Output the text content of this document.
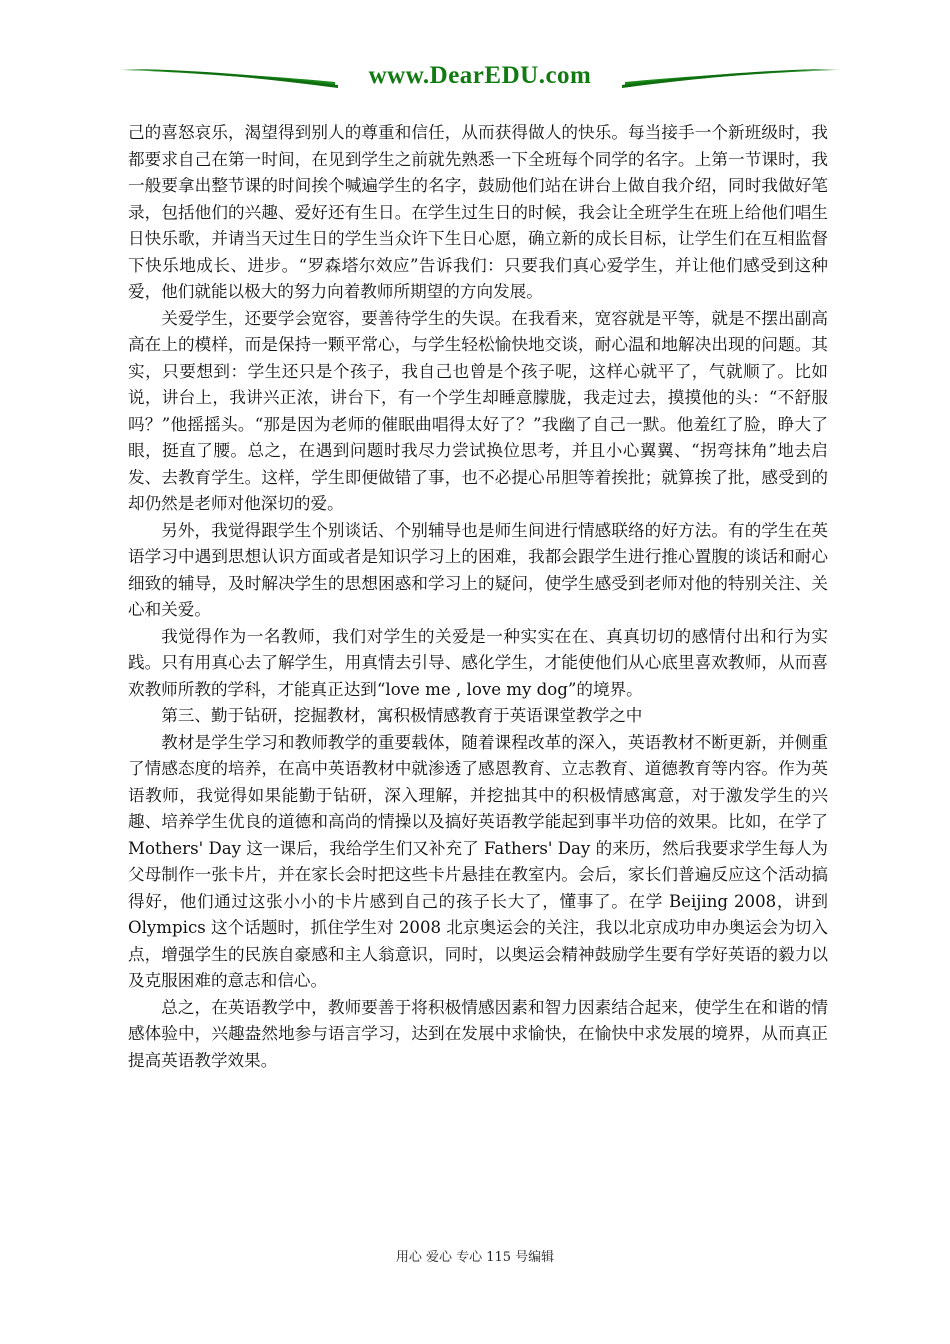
www.DearEDU.com

己的喜怒哀乐，渴望得到别人的尊重和信任，从而获得做人的快乐。每当接手一个新班级时，我都要求自己在第一时间，在见到学生之前就先熟悉一下全班每个同学的名字。上第一节课时，我一般要拿出整节课的时间挨个喊遍学生的名字，鼓励他们站在讲台上做自我介绍，同时我做好笔录，包括他们的兴趣、爱好还有生日。在学生过生日的时候，我会让全班学生在班上给他们唱生日快乐歌，并请当天过生日的学生当众许下生日心愿，确立新的成长目标，让学生们在互相监督下快乐地成长、进步。“罗森塔尔效应”告诉我们：只要我们真心爱学生，并让他们感受到这种爱，他们就能以极大的努力向着教师所期望的方向发展。

关爱学生，还要学会宽容，要善待学生的失误。在我看来，宽容就是平等，就是不摆出副高高在上的模样，而是保持一颗平常心，与学生轻松愉快地交谈，耐心温和地解决出现的问题。其实，只要想到：学生还只是个孩子，我自己也曾是个孩子呢，这样心就平了，气就顺了。比如说，讲台上，我讲兴正浓，讲台下，有一个学生却睡意朦胧，我走过去，摸摸他的头：“不舒服吗？”他摇摇头。“那是因为老师的催眠曲唱得太好了？”我幽了自己一默。他羞红了脸，睁大了眼，挺直了腰。总之，在遇到问题时我尽力尝试换位思考，并且小心翼翼、“拐弯抹角”地去启发、去教育学生。这样，学生即便做错了事，也不必提心吊胆等着挨批；就算挨了批，感受到的却仍然是老师对他深切的爱。

另外，我觉得跟学生个别谈话、个别辅导也是师生间进行情感联络的好方法。有的学生在英语学习中遇到思想认识方面或者是知识学习上的困难，我都会跟学生进行推心置腹的谈话和耐心细致的辅导，及时解决学生的思想困惑和学习上的疑问，使学生感受到老师对他的特别关注、关心和关爱。

我觉得作为一名教师，我们对学生的关爱是一种实实在在、真真切切的感情付出和行为实践。只有用真心去了解学生，用真情去引导、感化学生，才能使他们从心底里喜欢教师，从而喜欢教师所教的学科，才能真正达到“love me , love my dog”的境界。

第三、勤于钻研，挖掘教材，寓积极情感教育于英语课堂教学之中

教材是学生学习和教师教学的重要载体，随着课程改革的深入，英语教材不断更新，并侧重了情感态度的培养，在高中英语教材中就渗透了感恩教育、立志教育、道德教育等内容。作为英语教师，我觉得如果能勤于钻研，深入理解，并挖拙其中的积极情感寓意，对于激发学生的兴趣、培养学生优良的道德和高尚的情操以及搞好英语教学能起到事半功倍的效果。比如，在学了 Mothers' Day 这一课后，我给学生们又补充了 Fathers' Day 的来历，然后我要求学生每人为父母制作一张卡片，并在家长会时把这些卡片悬挂在教室内。会后，家长们普遍反应这个活动搞得好，他们通过这张小小的卡片感到自己的孩子长大了，懂事了。在学 Beijing 2008，讲到 Olympics 这个话题时，抓住学生对 2008 北京奥运会的关注，我以北京成功申办奥运会为切入点，增强学生的民族自豪感和主人翁意识，同时，以奥运会精神鼓励学生要有学好英语的毅力以及克服困难的意志和信心。

总之，在英语教学中，教师要善于将积极情感因素和智力因素结合起来，使学生在和谐的情感体验中，兴趣盎然地参与语言学习，达到在发展中求愉快，在愉快中求发展的境界，从而真正提高英语教学效果。

用心 爱心 专心 115 号编辑
